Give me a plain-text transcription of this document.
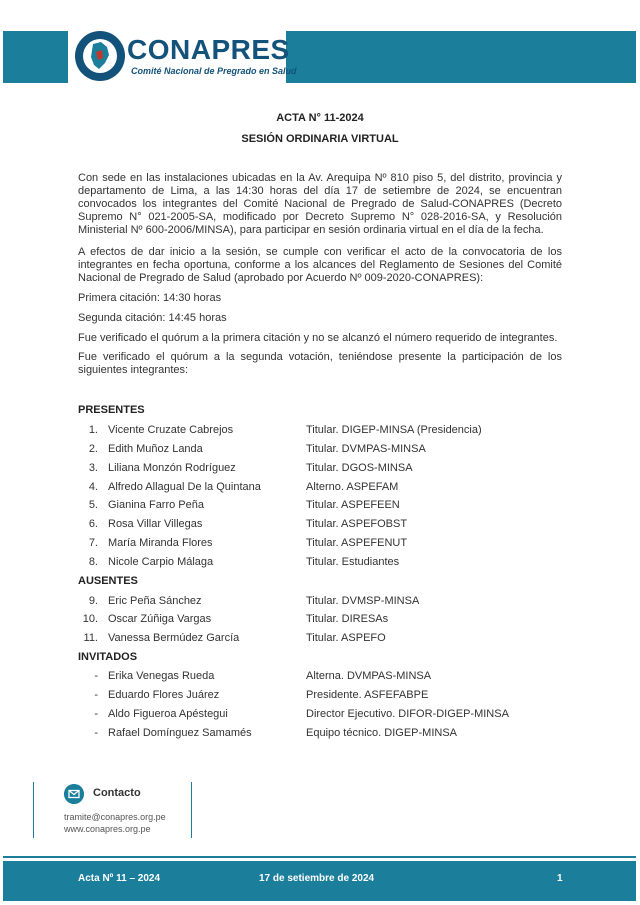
CONAPRES
Comité Nacional de Pregrado en Salud
ACTA N° 11-2024
SESIÓN ORDINARIA VIRTUAL

Con sede en las instalaciones ubicadas en la Av. Arequipa Nº 810 piso 5, del distrito, provincia y departamento de Lima, a las 14:30 horas del día 17 de setiembre de 2024, se encuentran convocados los integrantes del Comité Nacional de Pregrado de Salud-CONAPRES (Decreto Supremo N° 021-2005-SA, modificado por Decreto Supremo N° 028-2016-SA, y Resolución Ministerial Nº 600-2006/MINSA), para participar en sesión ordinaria virtual en el día de la fecha.

A efectos de dar inicio a la sesión, se cumple con verificar el acto de la convocatoria de los integrantes en fecha oportuna, conforme a los alcances del Reglamento de Sesiones del Comité Nacional de Pregrado de Salud (aprobado por Acuerdo Nº 009-2020-CONAPRES):

Primera citación: 14:30 horas

Segunda citación: 14:45 horas

Fue verificado el quórum a la primera citación y no se alcanzó el número requerido de integrantes.

Fue verificado el quórum a la segunda votación, teniéndose presente la participación de los siguientes integrantes:

PRESENTES
1. Vicente Cruzate Cabrejos	Titular. DIGEP-MINSA (Presidencia)
2. Edith Muñoz Landa	Titular. DVMPAS-MINSA
3. Liliana Monzón Rodríguez	Titular. DGOS-MINSA
4. Alfredo Allagual De la Quintana	Alterno. ASPEFAM
5. Gianina Farro Peña	Titular. ASPEFEEN
6. Rosa Villar Villegas	Titular. ASPEFOBST
7. María Miranda Flores	Titular. ASPEFENUT
8. Nicole Carpio Málaga	Titular. Estudiantes
AUSENTES
9. Eric Peña Sánchez	Titular. DVMSP-MINSA
10. Oscar Zúñiga Vargas	Titular. DIRESAs
11. Vanessa Bermúdez García	Titular. ASPEFO
INVITADOS
- Erika Venegas Rueda	Alterna. DVMPAS-MINSA
- Eduardo Flores Juárez	Presidente. ASFEFABPE
- Aldo Figueroa Apéstegui	Director Ejecutivo. DIFOR-DIGEP-MINSA
- Rafael Domínguez Samamés	Equipo técnico. DIGEP-MINSA
Contacto
tramite@conapres.org.pe
www.conapres.org.pe
Acta Nº 11 – 2024	17 de setiembre de 2024	1
